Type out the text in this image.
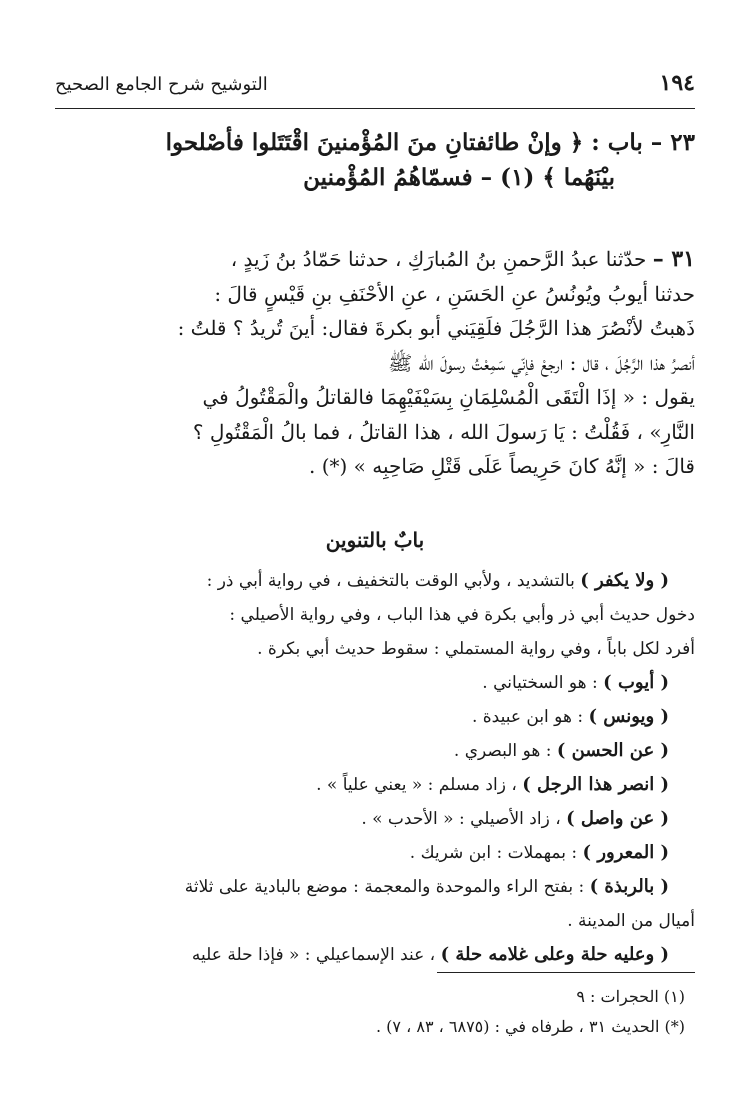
١٩٤
التوشيح شرح الجامع الصحيح
٢٣ – باب : ﴿ وإنْ طائفتانِ منَ المُؤْمنينَ اقْتَتَلوا فأصْلحوا
بيْنَهُما ﴾ (١) – فسمّاهُمُ المُؤْمنين
٣١ – حدّثنا عبدُ الرَّحمنِ بنُ المُبارَكِ ، حدثنا حَمّادُ بنُ زَيدٍ ،
حدثنا أيوبُ ويُونُسُ عنِ الحَسَنِ ، عنِ الأحْنَفِ بنِ قَيْسٍ قالَ :
ذَهبتُ لأنْصُرَ هذا الرَّجُلَ فلَقِيَني أبو بكرةَ فقال: أينَ تُريدُ ؟ قلتُ :
أنصرُ هذا الرَّجُلَ ، قال : ارجعْ فإنّي سَمِعْتُ رسولَ الله ﷺ
يقول : « إذَا الْتَقَى الْمُسْلِمَانِ بِسَيْفَيْهِمَا فالقاتلُ والْمَقْتُولُ في
النَّارِ» ، فَقُلْتُ : يَا رَسولَ الله ، هذا القاتلُ ، فما بالُ الْمَقْتُولِ ؟
قالَ : « إنَّهُ كانَ حَرِيصاً عَلَى قَتْلِ صَاحِبِه » (*) .
بابٌ بالتنوين

( ولا يكفر ) بالتشديد ، ولأبي الوقت بالتخفيف ، في رواية أبي ذر :

دخول حديث أبي ذر وأبي بكرة في هذا الباب ، وفي رواية الأصيلي :

أفرد لكل باباً ، وفي رواية المستملي : سقوط حديث أبي بكرة .

( أيوب ) : هو السختياني .

( ويونس ) : هو ابن عبيدة .

( عن الحسن ) : هو البصري .

( انصر هذا الرجل ) ، زاد مسلم : « يعني علياً » .

( عن واصل ) ، زاد الأصيلي : « الأحدب » .

( المعرور ) : بمهملات : ابن شريك .

( بالربذة ) : بفتح الراء والموحدة والمعجمة : موضع بالبادية على ثلاثة

أميال من المدينة .

( وعليه حلة وعلى غلامه حلة ) ، عند الإسماعيلي : « فإذا حلة عليه

(١) الحجرات : ٩
(*) الحديث ٣١ ، طرفاه في : (٦٨٧٥ ، ٨٣ ، ٧) .
